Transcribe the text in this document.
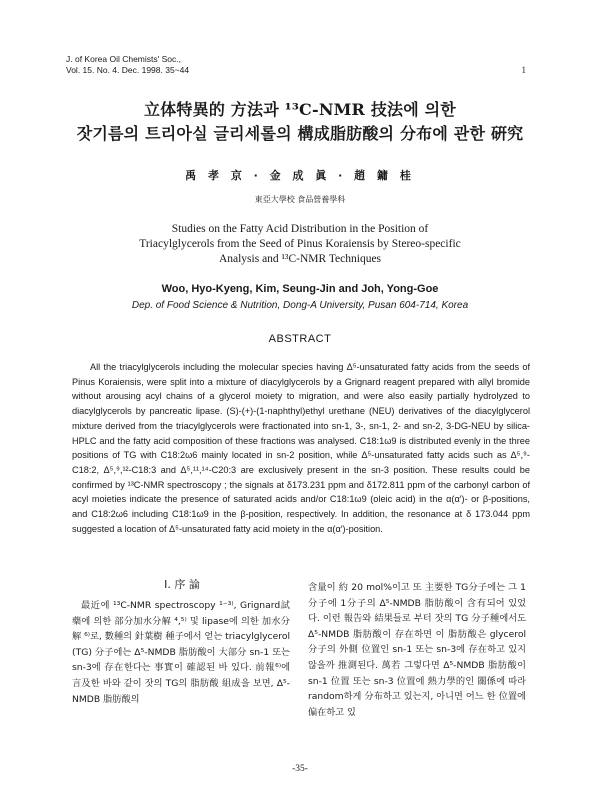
J. of Korea Oil Chemists' Soc.,
Vol. 15. No. 4. Dec. 1998. 35~44	1
立体特異的 方法과 ¹³C-NMR 技法에 의한
잣기름의 트리아실 글리세롤의 構成脂肪酸의 分布에 관한 硏究
禹 孝 京 · 金 成 眞 · 趙 鏞 桂
東亞大學校 食品營養學科
Studies on the Fatty Acid Distribution in the Position of
Triacylglycerols from the Seed of Pinus Koraiensis by Stereo-specific
Analysis and ¹³C-NMR Techniques
Woo, Hyo-Kyeng, Kim, Seung-Jin and Joh, Yong-Goe
Dep. of Food Science & Nutrition, Dong-A University, Pusan 604-714, Korea
ABSTRACT

All the triacylglycerols including the molecular species having Δ⁵-unsaturated fatty acids from the seeds of Pinus Koraiensis, were split into a mixture of diacylglycerols by a Grignard reagent prepared with allyl bromide without arousing acyl chains of a glycerol moiety to migration, and were also easily partially hydrolyzed to diacylglycerols by pancreatic lipase. (S)-(+)-(1-naphthyl)ethyl urethane (NEU) derivatives of the diacylglycerol mixture derived from the triacylglycerols were fractionated into sn-1, 3-, sn-1, 2- and sn-2, 3-DG-NEU by silica-HPLC and the fatty acid composition of these fractions was analysed. C18:1ω9 is distributed evenly in the three positions of TG with C18:2ω6 mainly located in sn-2 position, while Δ⁵-unsaturated fatty acids such as Δ⁵,⁹-C18:2, Δ⁵,⁹,¹²-C18:3 and Δ⁵,¹¹,¹⁴-C20:3 are exclusively present in the sn-3 position. These results could be confirmed by ¹³C-NMR spectroscopy ; the signals at δ173.231 ppm and δ172.811 ppm of the carbonyl carbon of acyl moieties indicate the presence of saturated acids and/or C18:1ω9 (oleic acid) in the α(α′)- or β-positions, and C18:2ω6 including C18:1ω9 in the β-position, respectively. In addition, the resonance at δ 173.044 ppm suggested a location of Δ⁵-unsaturated fatty acid moiety in the α(α′)-position.

Ⅰ. 序 論

最近에 ¹³C-NMR spectroscopy ¹⁻³⁾, Grignard試藥에 의한 部分加水分解 ⁴,⁵⁾ 및 lipase에 의한 加水分解 ⁶⁾로, 數種의 針葉樹 種子에서 얻는 triacylglycerol (TG) 分子에는 Δ⁵-NMDB 脂肪酸이 大部分 sn-1 또는 sn-3에 存在한다는 事實이 確認된 바 있다. 前報⁶⁾에 言及한 바와 같이 잣의 TG의 脂肪酸 組成을 보면, Δ⁵-NMDB 脂肪酸의

含量이 約 20 mol%이고 또 主要한 TG分子에는 그 1分子에 1分子의 Δ⁵-NMDB 脂肪酸이 含有되어 있었다. 이런 報告와 結果들로 부터 잣의 TG 分子種에서도 Δ⁵-NMDB 脂肪酸이 存在하면 이 脂肪酸은 glycerol 分子의 外側 位置인 sn-1 또는 sn-3에 存在하고 있지 않을까 推測된다. 萬若 그렇다면 Δ⁵-NMDB 脂肪酸이 sn-1 位置 또는 sn-3 位置에 熱力學的인 關係에 따라 random하게 分布하고 있는지, 아니면 어느 한 位置에 偏在하고 있

-35-
